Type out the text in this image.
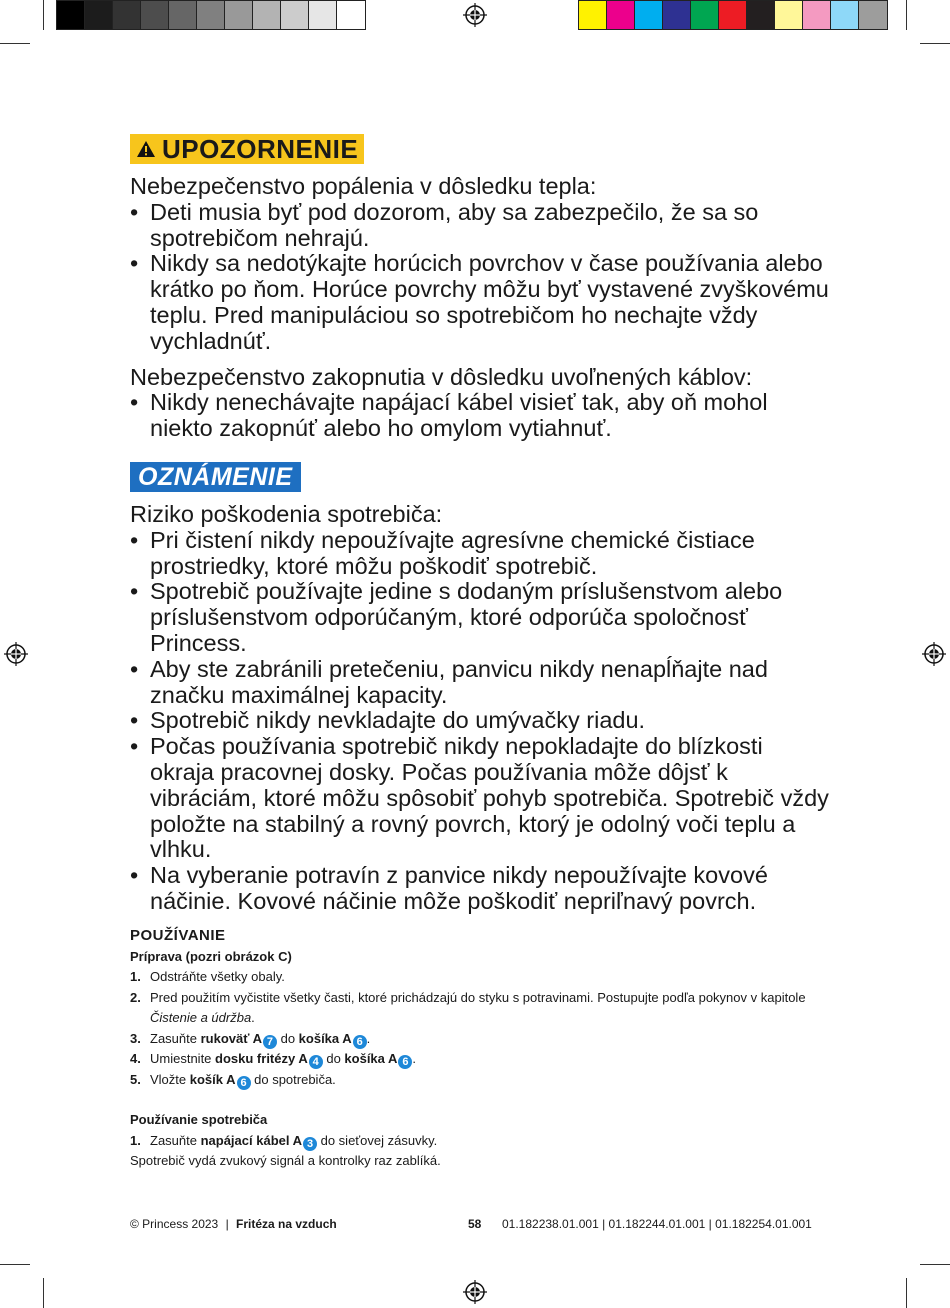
UPOZORNENIE

Nebezpečenstvo popálenia v dôsledku tepla:

• Deti musia byť pod dozorom, aby sa zabezpečilo, že sa so spotrebičom nehrajú.
• Nikdy sa nedotýkajte horúcich povrchov v čase používania alebo krátko po ňom. Horúce povrchy môžu byť vystavené zvyškovému teplu. Pred manipuláciou so spotrebičom ho nechajte vždy vychladnúť.

Nebezpečenstvo zakopnutia v dôsledku uvoľnených káblov:

• Nikdy nenechávajte napájací kábel visieť tak, aby oň mohol niekto zakopnúť alebo ho omylom vytiahnuť.
OZNÁMENIE

Riziko poškodenia spotrebiča:

• Pri čistení nikdy nepoužívajte agresívne chemické čistiace prostriedky, ktoré môžu poškodiť spotrebič.
• Spotrebič používajte jedine s dodaným príslušenstvom alebo príslušenstvom odporúčaným, ktoré odporúča spoločnosť Princess.
• Aby ste zabránili pretečeniu, panvicu nikdy nenapĺňajte nad značku maximálnej kapacity.
• Spotrebič nikdy nevkladajte do umývačky riadu.
• Počas používania spotrebič nikdy nepokladajte do blízkosti okraja pracovnej dosky. Počas používania môže dôjsť k vibráciám, ktoré môžu spôsobiť pohyb spotrebiča. Spotrebič vždy položte na stabilný a rovný povrch, ktorý je odolný voči teplu a vlhku.
• Na vyberanie potravín z panvice nikdy nepoužívajte kovové náčinie. Kovové náčinie môže poškodiť nepriľnavý povrch.
POUŽÍVANIE
Príprava (pozri obrázok C)
1. Odstráňte všetky obaly.
2. Pred použitím vyčistite všetky časti, ktoré prichádzajú do styku s potravinami. Postupujte podľa pokynov v kapitole Čistenie a údržba.
3. Zasuňte rukoväť A 7 do košíka A 6 .
4. Umiestnite dosku fritézy A 4 do košíka A 6 .
5. Vložte košík A 6 do spotrebiča.
Používanie spotrebiča
1. Zasuňte napájací kábel A 3 do sieťovej zásuvky.
Spotrebič vydá zvukový signál a kontrolky raz zablíká.
© Princess 2023 | Fritéza na vzduch	58	01.182238.01.001 | 01.182244.01.001 | 01.182254.01.001
